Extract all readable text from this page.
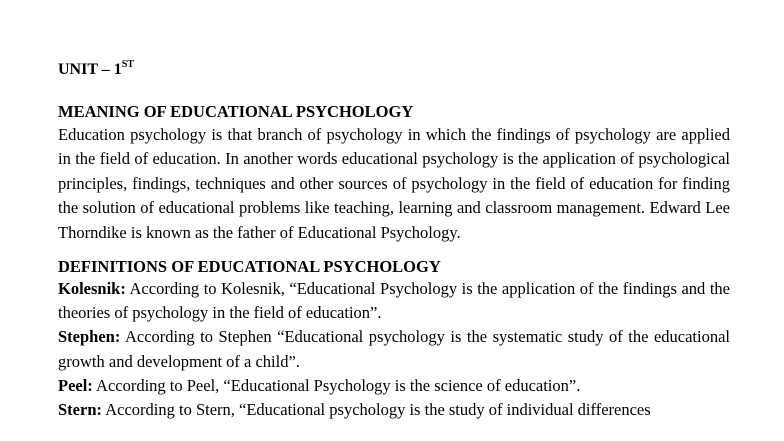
UNIT – 1ST

MEANING OF EDUCATIONAL PSYCHOLOGY

Education psychology is that branch of psychology in which the findings of psychology are applied in the field of education. In another words educational psychology is the application of psychological principles, findings, techniques and other sources of psychology in the field of education for finding the solution of educational problems like teaching, learning and classroom management. Edward Lee Thorndike is known as the father of Educational Psychology.

DEFINITIONS OF EDUCATIONAL PSYCHOLOGY

Kolesnik: According to Kolesnik, “Educational Psychology is the application of the findings and the theories of psychology in the field of education”.

Stephen: According to Stephen “Educational psychology is the systematic study of the educational growth and development of a child”.

Peel: According to Peel, “Educational Psychology is the science of education”.

Stern: According to Stern, “Educational psychology is the study of individual differences
